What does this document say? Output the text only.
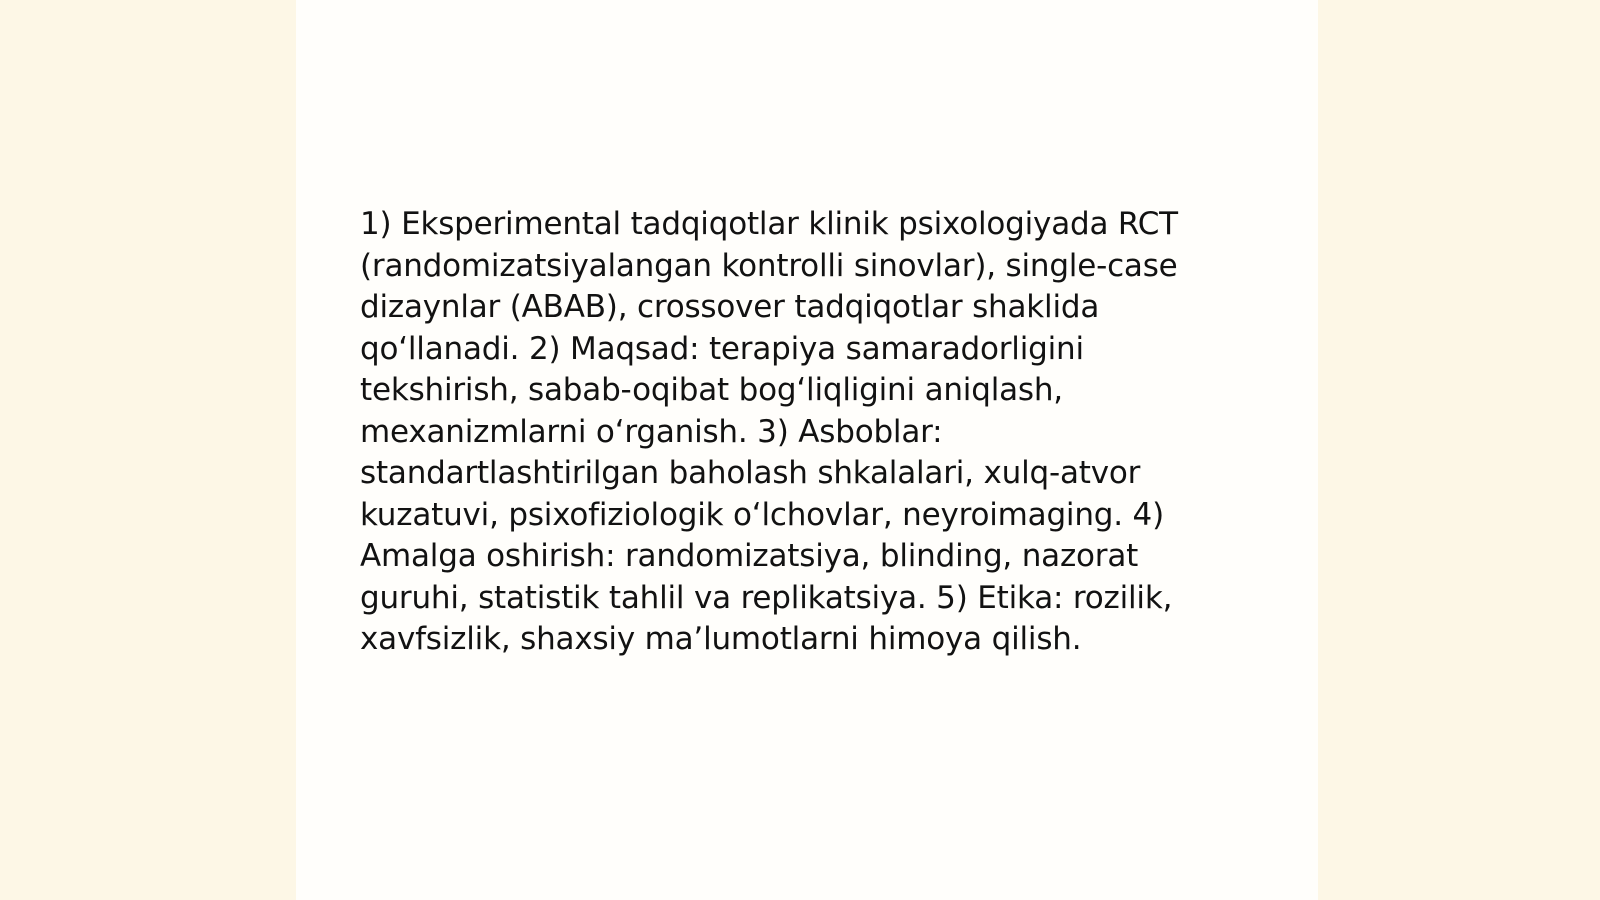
1) Eksperimental tadqiqotlar klinik psixologiyada RCT (randomizatsiyalangan kontrolli sinovlar), single-case dizaynlar (ABAB), crossover tadqiqotlar shaklida qo‘llanadi. 2) Maqsad: terapiya samaradorligini tekshirish, sabab-oqibat bog‘liqligini aniqlash, mexanizmlarni o‘rganish. 3) Asboblar: standartlashtirilgan baholash shkalalari, xulq-atvor kuzatuvi, psixofiziologik o‘lchovlar, neyroimaging. 4) Amalga oshirish: randomizatsiya, blinding, nazorat guruhi, statistik tahlil va replikatsiya. 5) Etika: rozilik, xavfsizlik, shaxsiy ma’lumotlarni himoya qilish.
